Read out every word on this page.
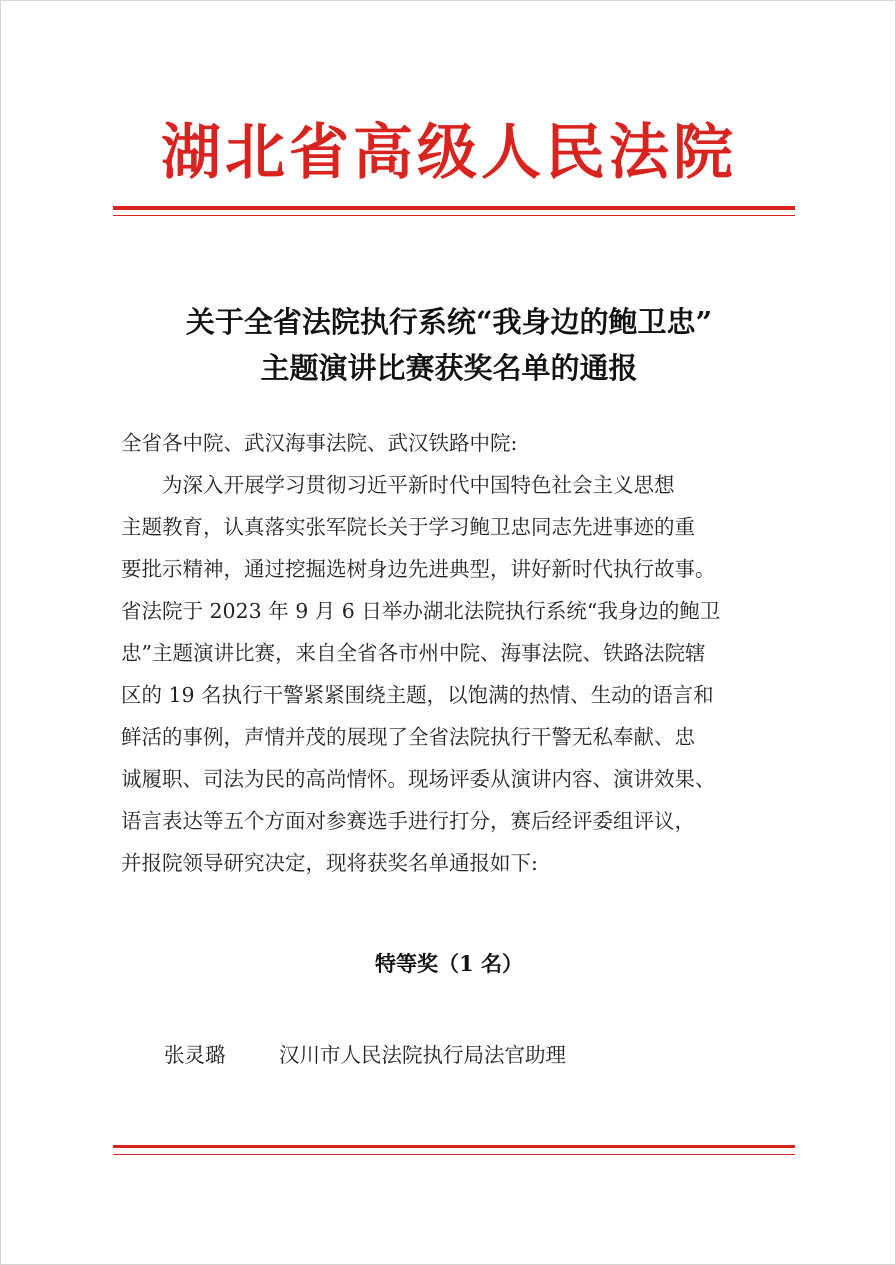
湖北省高级人民法院
关于全省法院执行系统“我身边的鲍卫忠”
主题演讲比赛获奖名单的通报
全省各中院、武汉海事法院、武汉铁路中院:
为深入开展学习贯彻习近平新时代中国特色社会主义思想
主题教育，认真落实张军院长关于学习鲍卫忠同志先进事迹的重
要批示精神，通过挖掘选树身边先进典型，讲好新时代执行故事。
省法院于 2023 年 9 月 6 日举办湖北法院执行系统“我身边的鲍卫
忠”主题演讲比赛，来自全省各市州中院、海事法院、铁路法院辖
区的 19 名执行干警紧紧围绕主题，以饱满的热情、生动的语言和
鲜活的事例，声情并茂的展现了全省法院执行干警无私奉献、忠
诚履职、司法为民的高尚情怀。现场评委从演讲内容、演讲效果、
语言表达等五个方面对参赛选手进行打分，赛后经评委组评议，
并报院领导研究决定，现将获奖名单通报如下:
特等奖（1 名）
张灵璐	汉川市人民法院执行局法官助理
